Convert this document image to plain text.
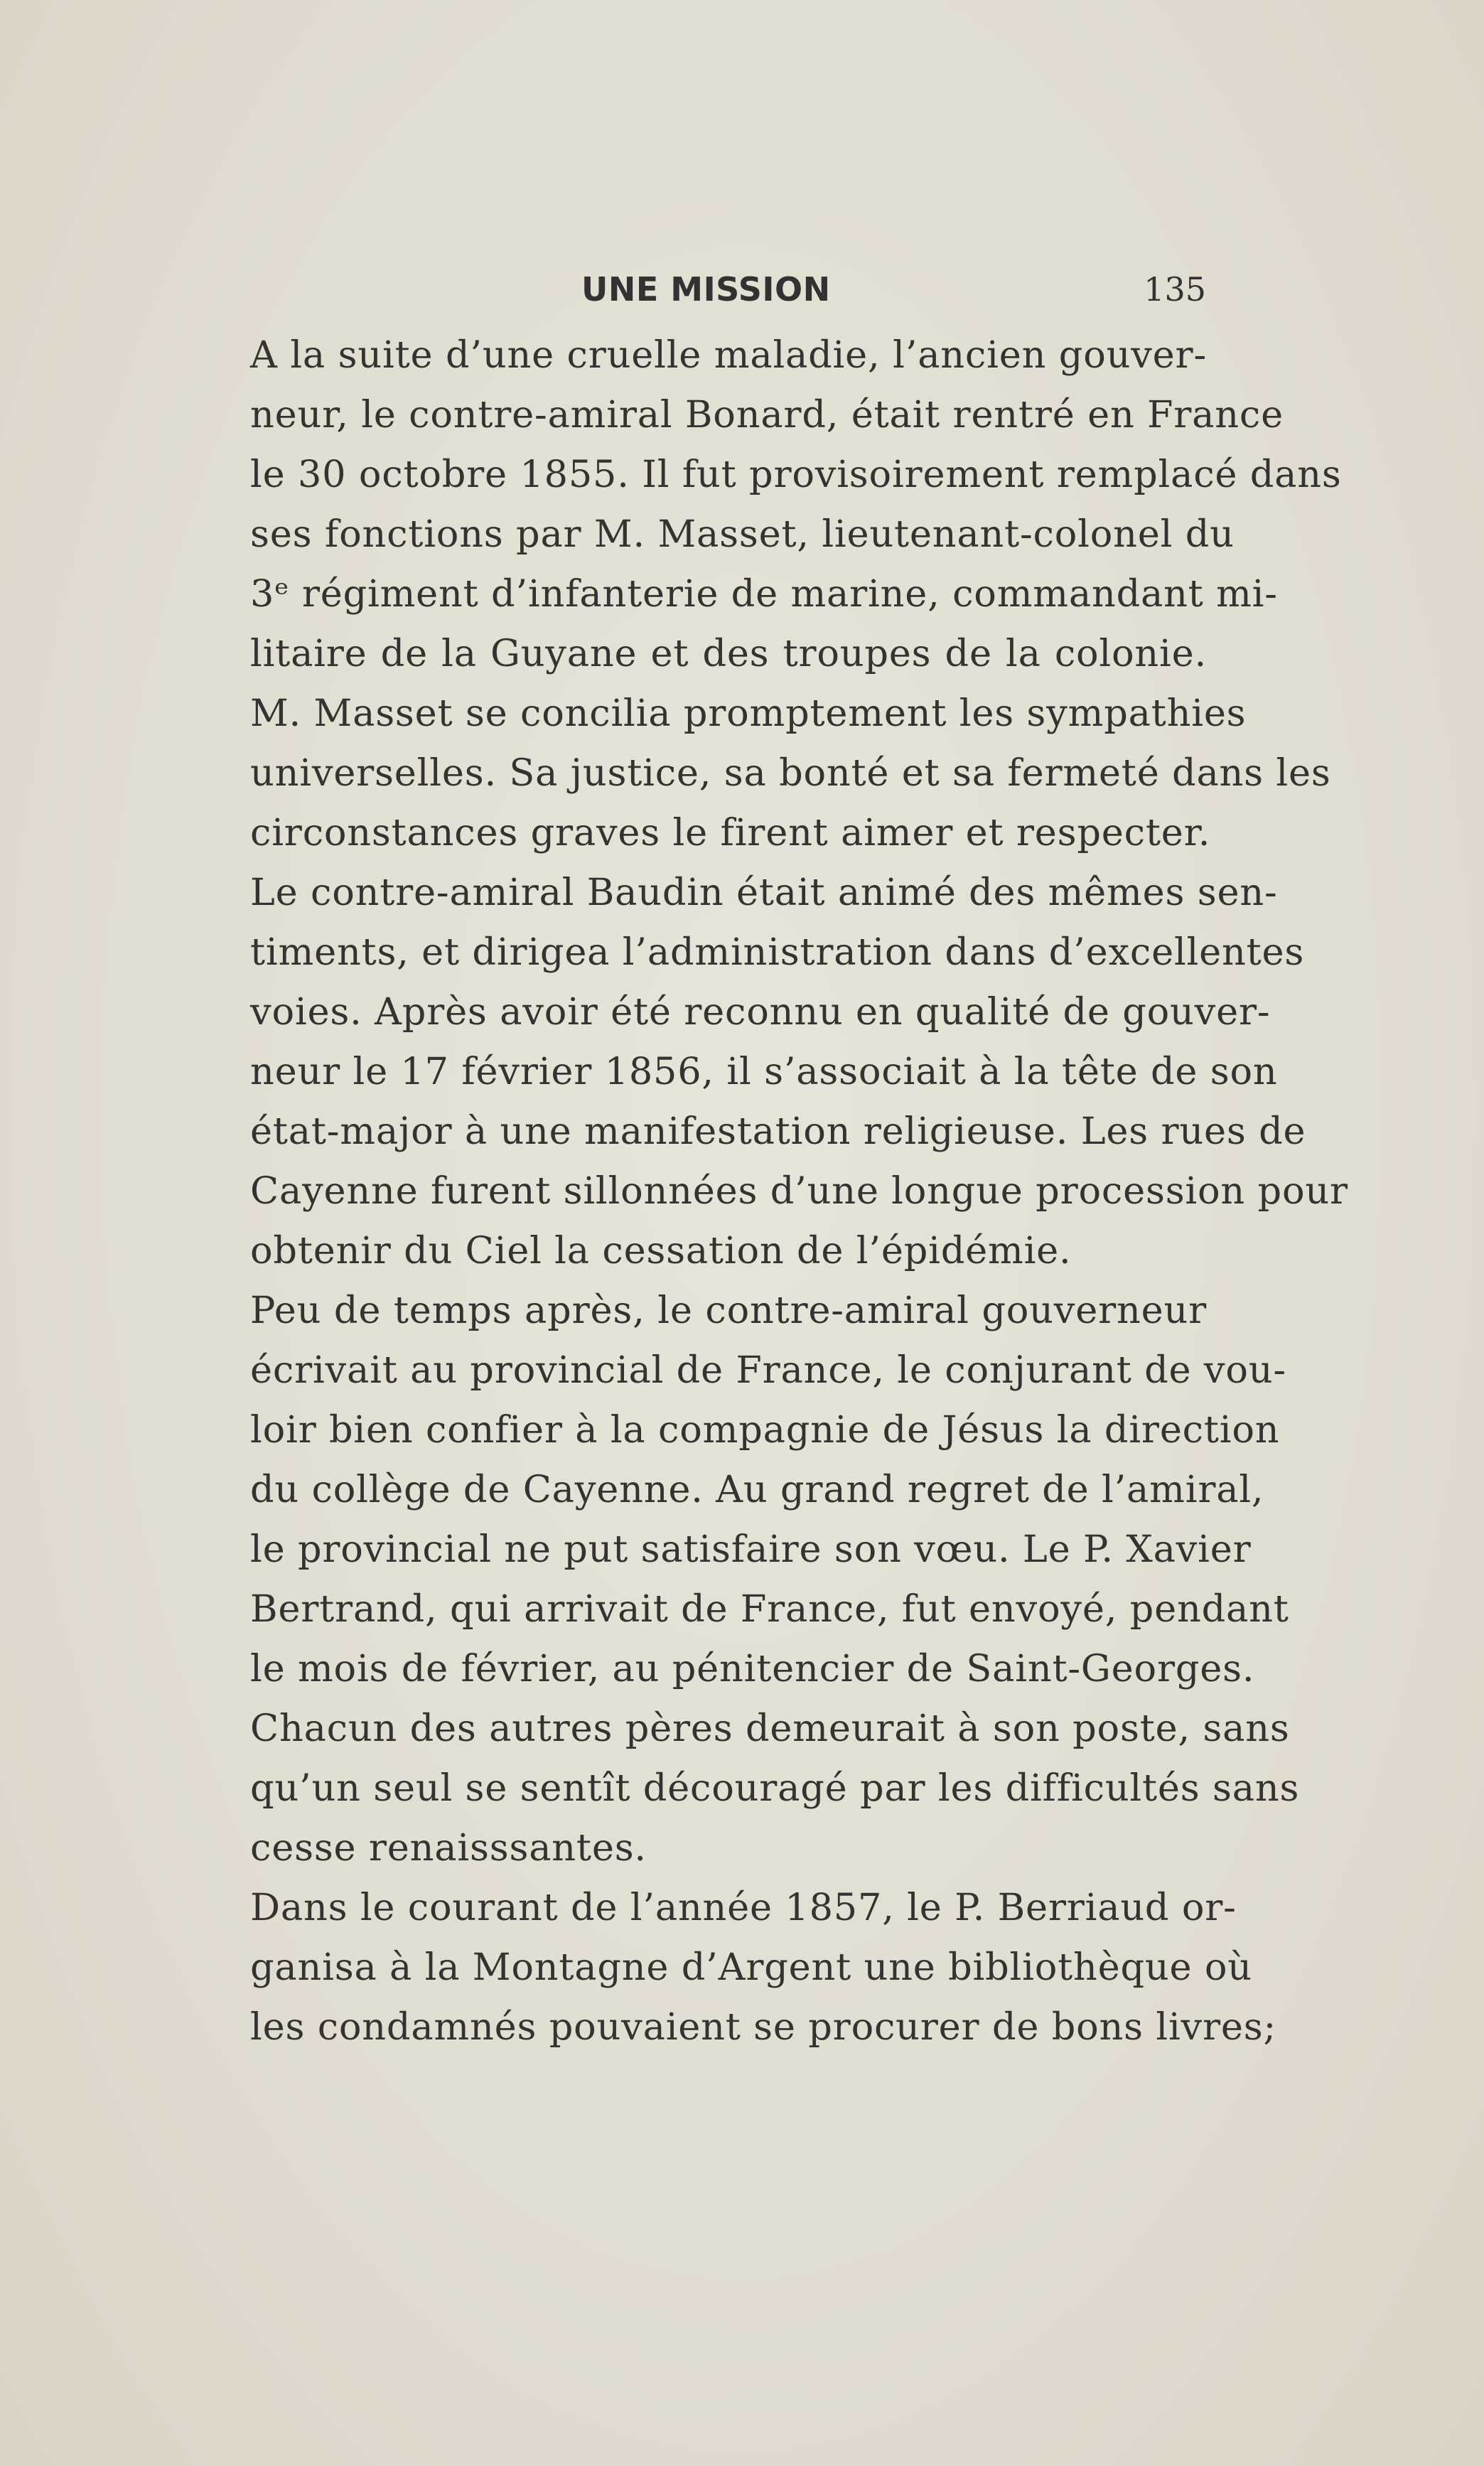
UNE MISSION	135

A la suite d’une cruelle maladie, l’ancien gouver-
neur, le contre-amiral Bonard, était rentré en France
le 30 octobre 1855. Il fut provisoirement remplacé dans
ses fonctions par M. Masset, lieutenant-colonel du
3ᵉ régiment d’infanterie de marine, commandant mi-
litaire de la Guyane et des troupes de la colonie.
M. Masset se concilia promptement les sympathies
universelles. Sa justice, sa bonté et sa fermeté dans les
circonstances graves le firent aimer et respecter.

Le contre-amiral Baudin était animé des mêmes sen-
timents, et dirigea l’administration dans d’excellentes
voies. Après avoir été reconnu en qualité de gouver-
neur le 17 février 1856, il s’associait à la tête de son
état-major à une manifestation religieuse. Les rues de
Cayenne furent sillonnées d’une longue procession pour
obtenir du Ciel la cessation de l’épidémie.

Peu de temps après, le contre-amiral gouverneur
écrivait au provincial de France, le conjurant de vou-
loir bien confier à la compagnie de Jésus la direction
du collège de Cayenne. Au grand regret de l’amiral,
le provincial ne put satisfaire son vœu. Le P. Xavier
Bertrand, qui arrivait de France, fut envoyé, pendant
le mois de février, au pénitencier de Saint-Georges.
Chacun des autres pères demeurait à son poste, sans
qu’un seul se sentît découragé par les difficultés sans
cesse renaisssantes.

Dans le courant de l’année 1857, le P. Berriaud or-
ganisa à la Montagne d’Argent une bibliothèque où
les condamnés pouvaient se procurer de bons livres;
